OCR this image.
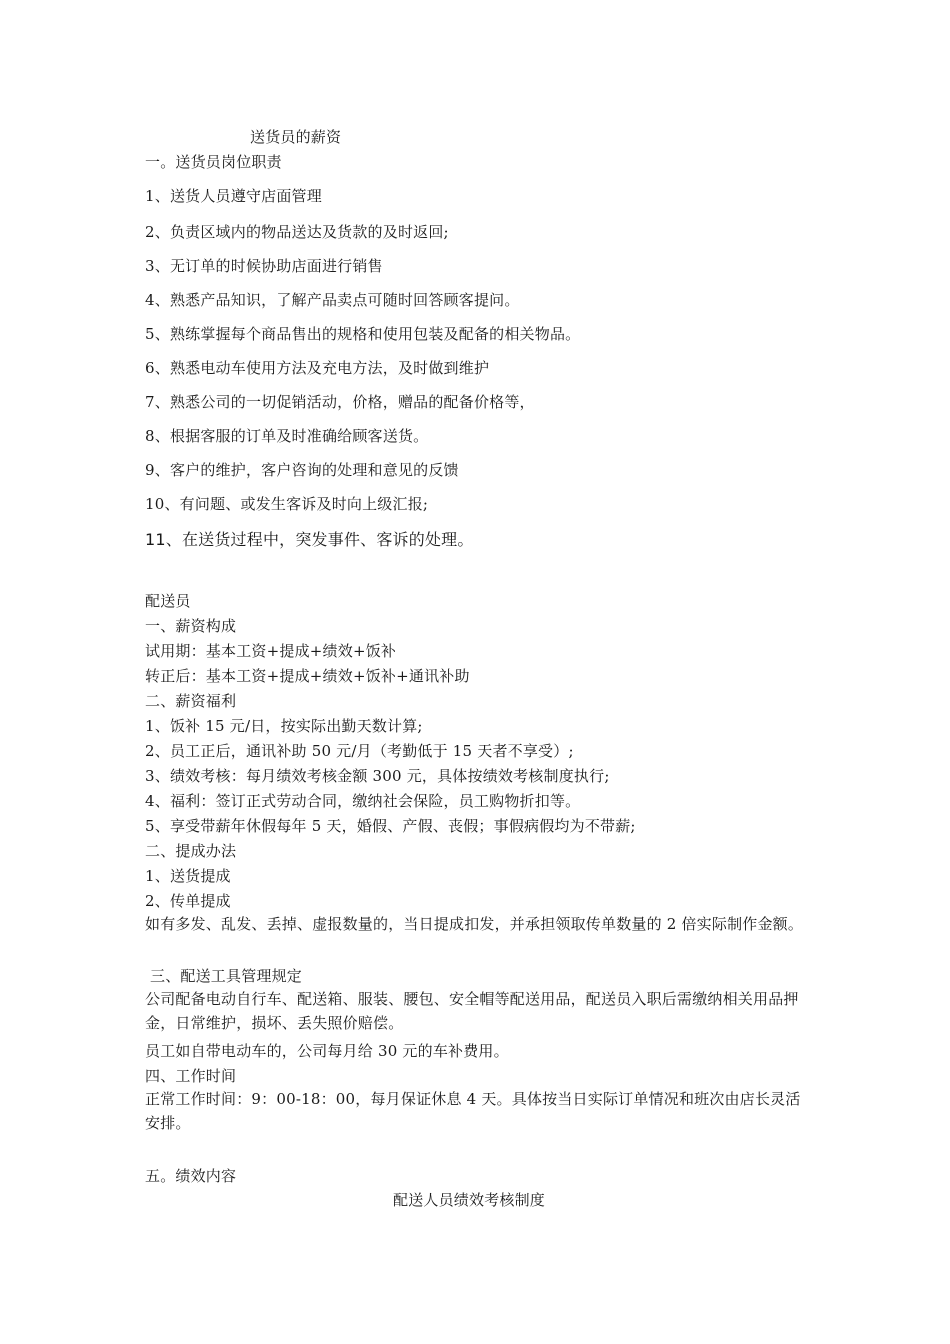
送货员的薪资
一。送货员岗位职责
1、送货人员遵守店面管理
2、负责区域内的物品送达及货款的及时返回;
3、无订单的时候协助店面进行销售
4、熟悉产品知识，了解产品卖点可随时回答顾客提问。
5、熟练掌握每个商品售出的规格和使用包装及配备的相关物品。
6、熟悉电动车使用方法及充电方法，及时做到维护
7、熟悉公司的一切促销活动，价格，赠品的配备价格等，
8、根据客服的订单及时准确给顾客送货。
9、客户的维护，客户咨询的处理和意见的反馈
10、有问题、或发生客诉及时向上级汇报;
11、在送货过程中，突发事件、客诉的处理。
配送员
一、薪资构成
试用期：基本工资+提成+绩效+饭补
转正后：基本工资+提成+绩效+饭补+通讯补助
二、薪资福利
1、饭补 15 元/日，按实际出勤天数计算;
2、员工正后，通讯补助 50 元/月（考勤低于 15 天者不享受）;
3、绩效考核：每月绩效考核金额 300 元，具体按绩效考核制度执行;
4、福利：签订正式劳动合同，缴纳社会保险，员工购物折扣等。
5、享受带薪年休假每年 5 天，婚假、产假、丧假；事假病假均为不带薪;
二、提成办法
1、送货提成
2、传单提成
如有多发、乱发、丢掉、虚报数量的，当日提成扣发，并承担领取传单数量的 2 倍实际制作金额。
三、配送工具管理规定
公司配备电动自行车、配送箱、服装、腰包、安全帽等配送用品，配送员入职后需缴纳相关用品押金，日常维护，损坏、丢失照价赔偿。
员工如自带电动车的，公司每月给 30 元的车补费用。
四、工作时间
正常工作时间：9：00-18：00，每月保证休息 4 天。具体按当日实际订单情况和班次由店长灵活安排。
五。绩效内容
配送人员绩效考核制度
